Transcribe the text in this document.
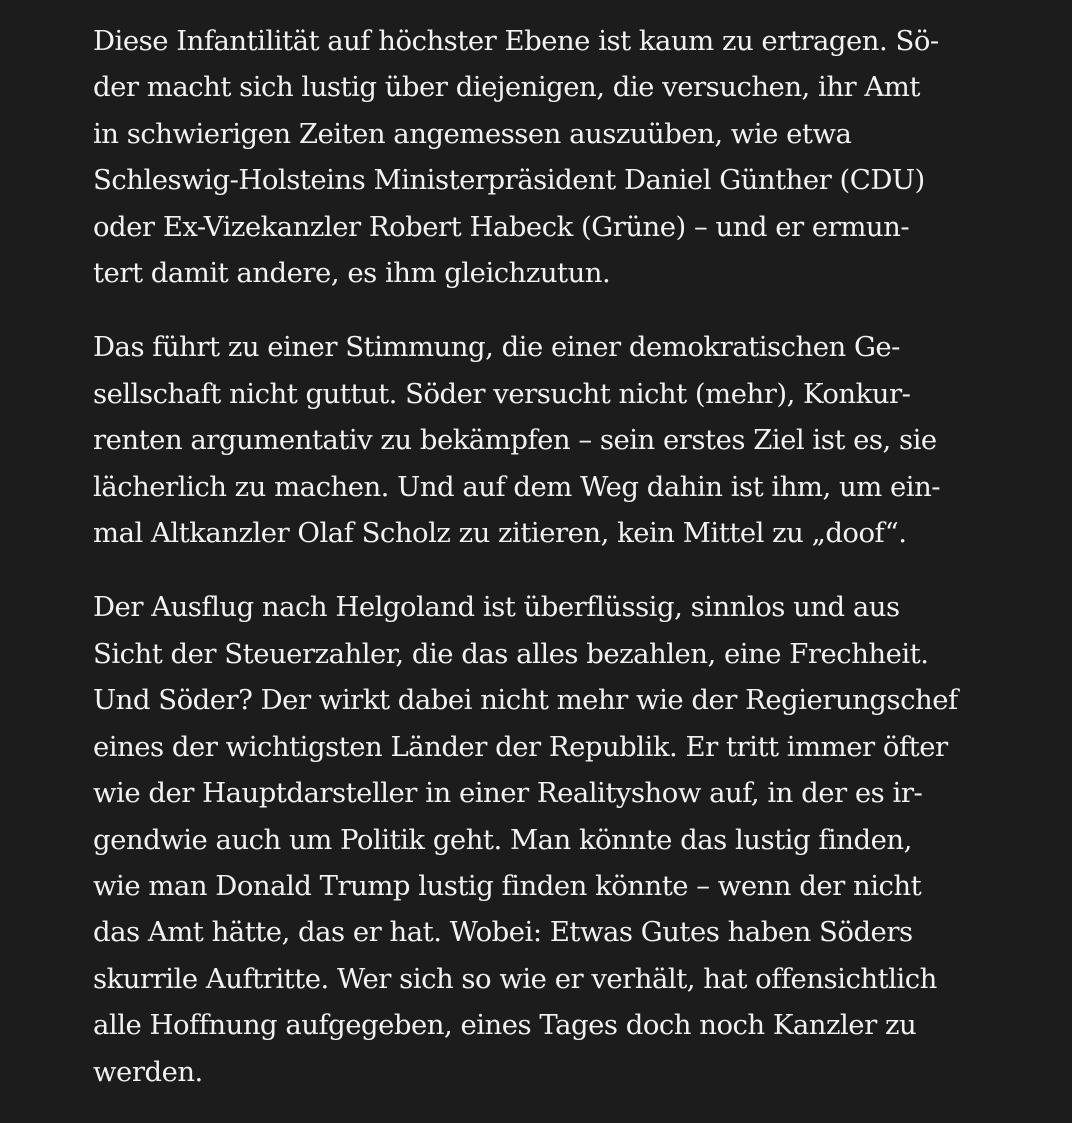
Diese Infantilität auf höchster Ebene ist kaum zu ertragen. Sö-
der macht sich lustig über diejenigen, die versuchen, ihr Amt
in schwierigen Zeiten angemessen auszuüben, wie etwa
Schleswig-Holsteins Ministerpräsident Daniel Günther (CDU)
oder Ex-Vizekanzler Robert Habeck (Grüne) – und er ermun-
tert damit andere, es ihm gleichzutun.

Das führt zu einer Stimmung, die einer demokratischen Ge-
sellschaft nicht guttut. Söder versucht nicht (mehr), Konkur-
renten argumentativ zu bekämpfen – sein erstes Ziel ist es, sie
lächerlich zu machen. Und auf dem Weg dahin ist ihm, um ein-
mal Altkanzler Olaf Scholz zu zitieren, kein Mittel zu „doof“.

Der Ausflug nach Helgoland ist überflüssig, sinnlos und aus
Sicht der Steuerzahler, die das alles bezahlen, eine Frechheit.
Und Söder? Der wirkt dabei nicht mehr wie der Regierungschef
eines der wichtigsten Länder der Republik. Er tritt immer öfter
wie der Hauptdarsteller in einer Realityshow auf, in der es ir-
gendwie auch um Politik geht. Man könnte das lustig finden,
wie man Donald Trump lustig finden könnte – wenn der nicht
das Amt hätte, das er hat. Wobei: Etwas Gutes haben Söders
skurrile Auftritte. Wer sich so wie er verhält, hat offensichtlich
alle Hoffnung aufgegeben, eines Tages doch noch Kanzler zu
werden.
